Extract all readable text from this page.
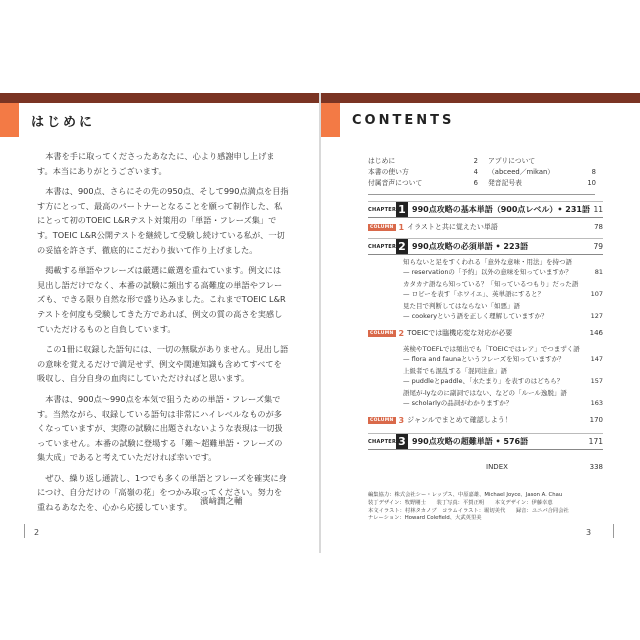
はじめに

本書を手に取ってくださったあなたに、心より感謝申し上げます。本当にありがとうございます。

本書は、900点、さらにその先の950点、そして990点満点を目指す方にとって、最高のパートナーとなることを願って制作した、私にとって初のTOEIC L&Rテスト対策用の「単語・フレーズ集」です。TOEIC L&R公開テストを継続して受験し続けている私が、一切の妥協を許さず、徹底的にこだわり抜いて作り上げました。

掲載する単語やフレーズは厳選に厳選を重ねています。例文には見出し語だけでなく、本番の試験に頻出する高難度の単語やフレーズも、できる限り自然な形で盛り込みました。これまでTOEIC L&Rテストを何度も受験してきた方であれば、例文の質の高さを実感していただけるものと自負しています。

この1冊に収録した語句には、一切の無駄がありません。見出し語の意味を覚えるだけで満足せず、例文や関連知識も含めてすべてを吸収し、自分自身の血肉にしていただければと思います。

本書は、900点～990点を本気で狙うための単語・フレーズ集です。当然ながら、収録している語句は非常にハイレベルなものが多くなっていますが、実際の試験に出題されないような表現は一切扱っていません。本番の試験に登場する「難～超難単語・フレーズの集大成」であると考えていただければ幸いです。

ぜひ、繰り返し通読し、1つでも多くの単語とフレーズを確実に身につけ、自分だけの「高嶺の花」をつかみ取ってください。努力を重ねるあなたを、心から応援しています。

濱﨑潤之輔
CONTENTS
はじめに	2
本書の使い方	4
付属音声について	6
アプリについて
（abceed／mikan）	8
発音記号表	10
CHAPTER 1 990点攻略の基本単語（900点レベル）• 231語 11
COLUMN 1 イラストと共に覚えたい単語	78
CHAPTER 2 990点攻略の必須単語 • 223語	79
知らないと足をすくわれる「意外な意味・用法」を持つ語
— reservationの「予約」以外の意味を知っていますか？	81
カタカナ語なら知っている？「知っているつもり」だった語
— ロビーを表す「ホワイエ」、英単語にすると？	107
見た目で判断してはならない「如悪」語
— cookeryという語を正しく理解していますか？	127
COLUMN 2 TOEICでは臨機応変な対応が必要	146
英検やTOEFLでは頻出でも「TOEICではレア」でつまずく語
— flora and faunaというフレーズを知っていますか？	147
上級者でも混乱する「混同注意」語
— puddleとpaddle、「水たまり」を表すのはどちら？	157
語尾が-lyなのに副詞ではない、などの「ルール逸脱」語
— scholarlyの品詞がわかりますか？	163
COLUMN 3 ジャンルでまとめて確認しよう！	170
CHAPTER 3 990点攻略の超難単語 • 576語	171
INDEX	338
編集協力：株式会社シー・レップス、中原嘉雄、Michael Joyce、Jason A. Chau
装丁デザイン：牧野剛士　　装丁写真：平賀正明　　本文デザイン：伊藤幸恵
本文イラスト：村林タカノブ　コラムイラスト：堀切美代　　録音：ユニバ合同会社
ナレーション：Howard Colefield、大武英里美
2	3
